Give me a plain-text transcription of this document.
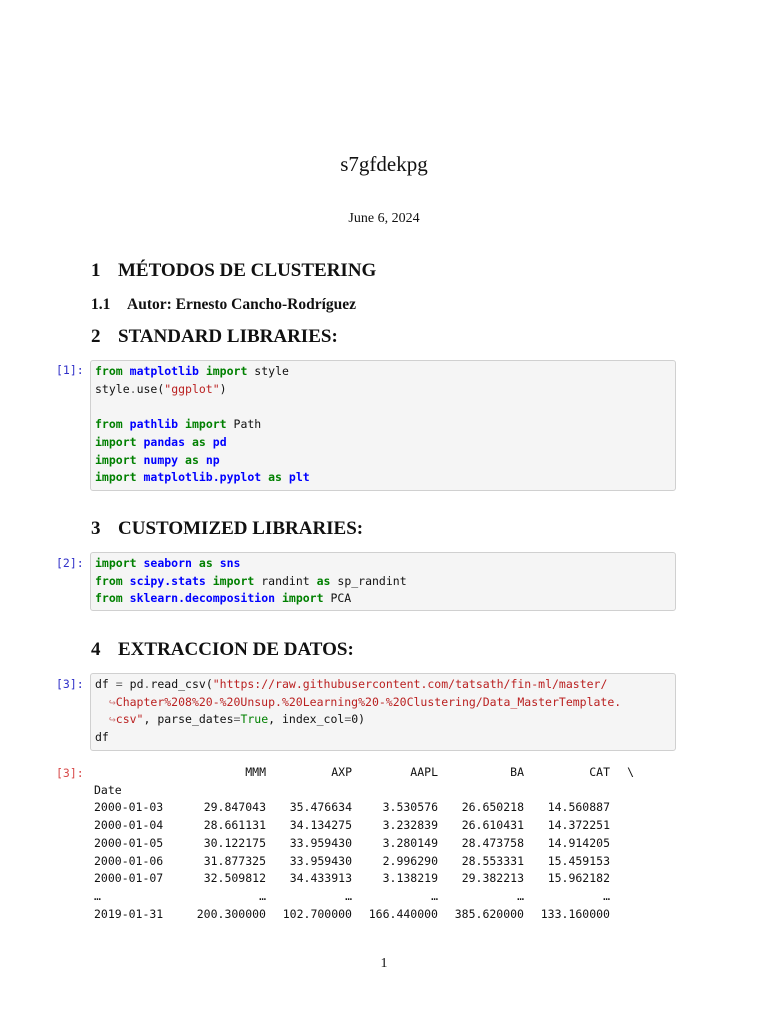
s7gfdekpg
June 6, 2024
1 MÉTODOS DE CLUSTERING
1.1 Autor: Ernesto Cancho-Rodríguez
2 STANDARD LIBRARIES:
[1]: from matplotlib import style
style.use("ggplot")

from pathlib import Path
import pandas as pd
import numpy as np
import matplotlib.pyplot as plt
3 CUSTOMIZED LIBRARIES:
[2]: import seaborn as sns
from scipy.stats import randint as sp_randint
from sklearn.decomposition import PCA
4 EXTRACCION DE DATOS:
[3]: df = pd.read_csv("https://raw.githubusercontent.com/tatsath/fin-ml/master/
↪Chapter%208%20-%20Unsup.%20Learning%20-%20Clustering/Data_MasterTemplate.
↪csv", parse_dates=True, index_col=0)
df
[3]:	MMM	AXP	AAPL	BA	CAT	\
Date
2000-01-03	29.847043	35.476634	3.530576	26.650218	14.560887
2000-01-04	28.661131	34.134275	3.232839	26.610431	14.372251
2000-01-05	30.122175	33.959430	3.280149	28.473758	14.914205
2000-01-06	31.877325	33.959430	2.996290	28.553331	15.459153
2000-01-07	32.509812	34.433913	3.138219	29.382213	15.962182
…	…	…	…	…	…
2019-01-31	200.300000	102.700000	166.440000	385.620000	133.160000
1
